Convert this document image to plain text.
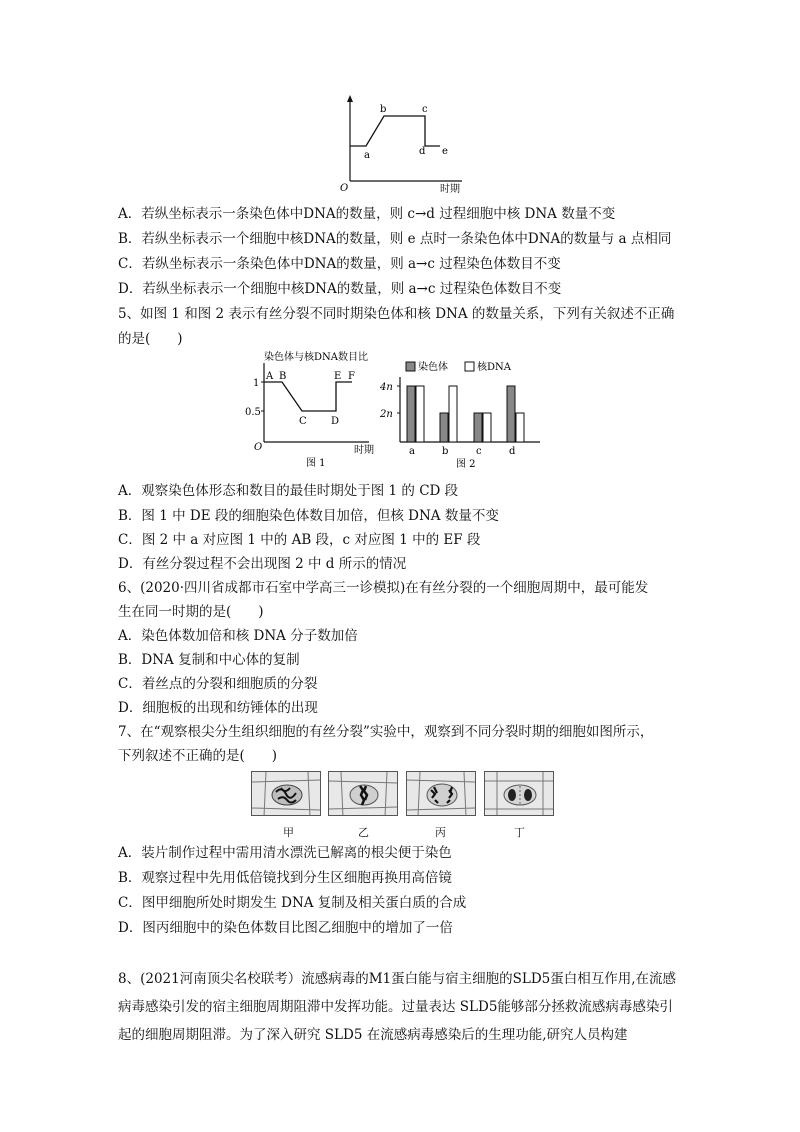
O	时期
a
b	c
d e
A．若纵坐标表示一条染色体中DNA的数量，则 c→d 过程细胞中核 DNA 数量不变
B．若纵坐标表示一个细胞中核DNA的数量，则 e 点时一条染色体中DNA的数量与 a 点相同
C．若纵坐标表示一条染色体中DNA的数量，则 a→c 过程染色体数目不变
D．若纵坐标表示一个细胞中核DNA的数量，则 a→c 过程染色体数目不变
5、如图 1 和图 2 表示有丝分裂不同时期染色体和核 DNA 的数量关系，下列有关叙述不正确
的是(　　)
染色体与核DNA数目比
1
0.5
A B
C D
E F
O	时期
图 1
染色体	核DNA
4n
2n
a	b	c	d
图 2
A．观察染色体形态和数目的最佳时期处于图 1 的 CD 段
B．图 1 中 DE 段的细胞染色体数目加倍，但核 DNA 数量不变
C．图 2 中 a 对应图 1 中的 AB 段，c 对应图 1 中的 EF 段
D．有丝分裂过程不会出现图 2 中 d 所示的情况
6、(2020·四川省成都市石室中学高三一诊模拟)在有丝分裂的一个细胞周期中，最可能发
生在同一时期的是(　　)
A．染色体数加倍和核 DNA 分子数加倍
B．DNA 复制和中心体的复制
C．着丝点的分裂和细胞质的分裂
D．细胞板的出现和纺锤体的出现
7、在“观察根尖分生组织细胞的有丝分裂”实验中，观察到不同分裂时期的细胞如图所示，
下列叙述不正确的是(　　)
甲	乙	丙	丁
A．装片制作过程中需用清水漂洗已解离的根尖便于染色
B．观察过程中先用低倍镜找到分生区细胞再换用高倍镜
C．图甲细胞所处时期发生 DNA 复制及相关蛋白质的合成
D．图丙细胞中的染色体数目比图乙细胞中的增加了一倍
8、(2021河南顶尖名校联考）流感病毒的M1蛋白能与宿主细胞的SLD5蛋白相互作用,在流感病毒感染引发的宿主细胞周期阻滞中发挥功能。过量表达 SLD5能够部分拯救流感病毒感染引起的细胞周期阻滞。为了深入研究 SLD5 在流感病毒感染后的生理功能,研究人员构建
